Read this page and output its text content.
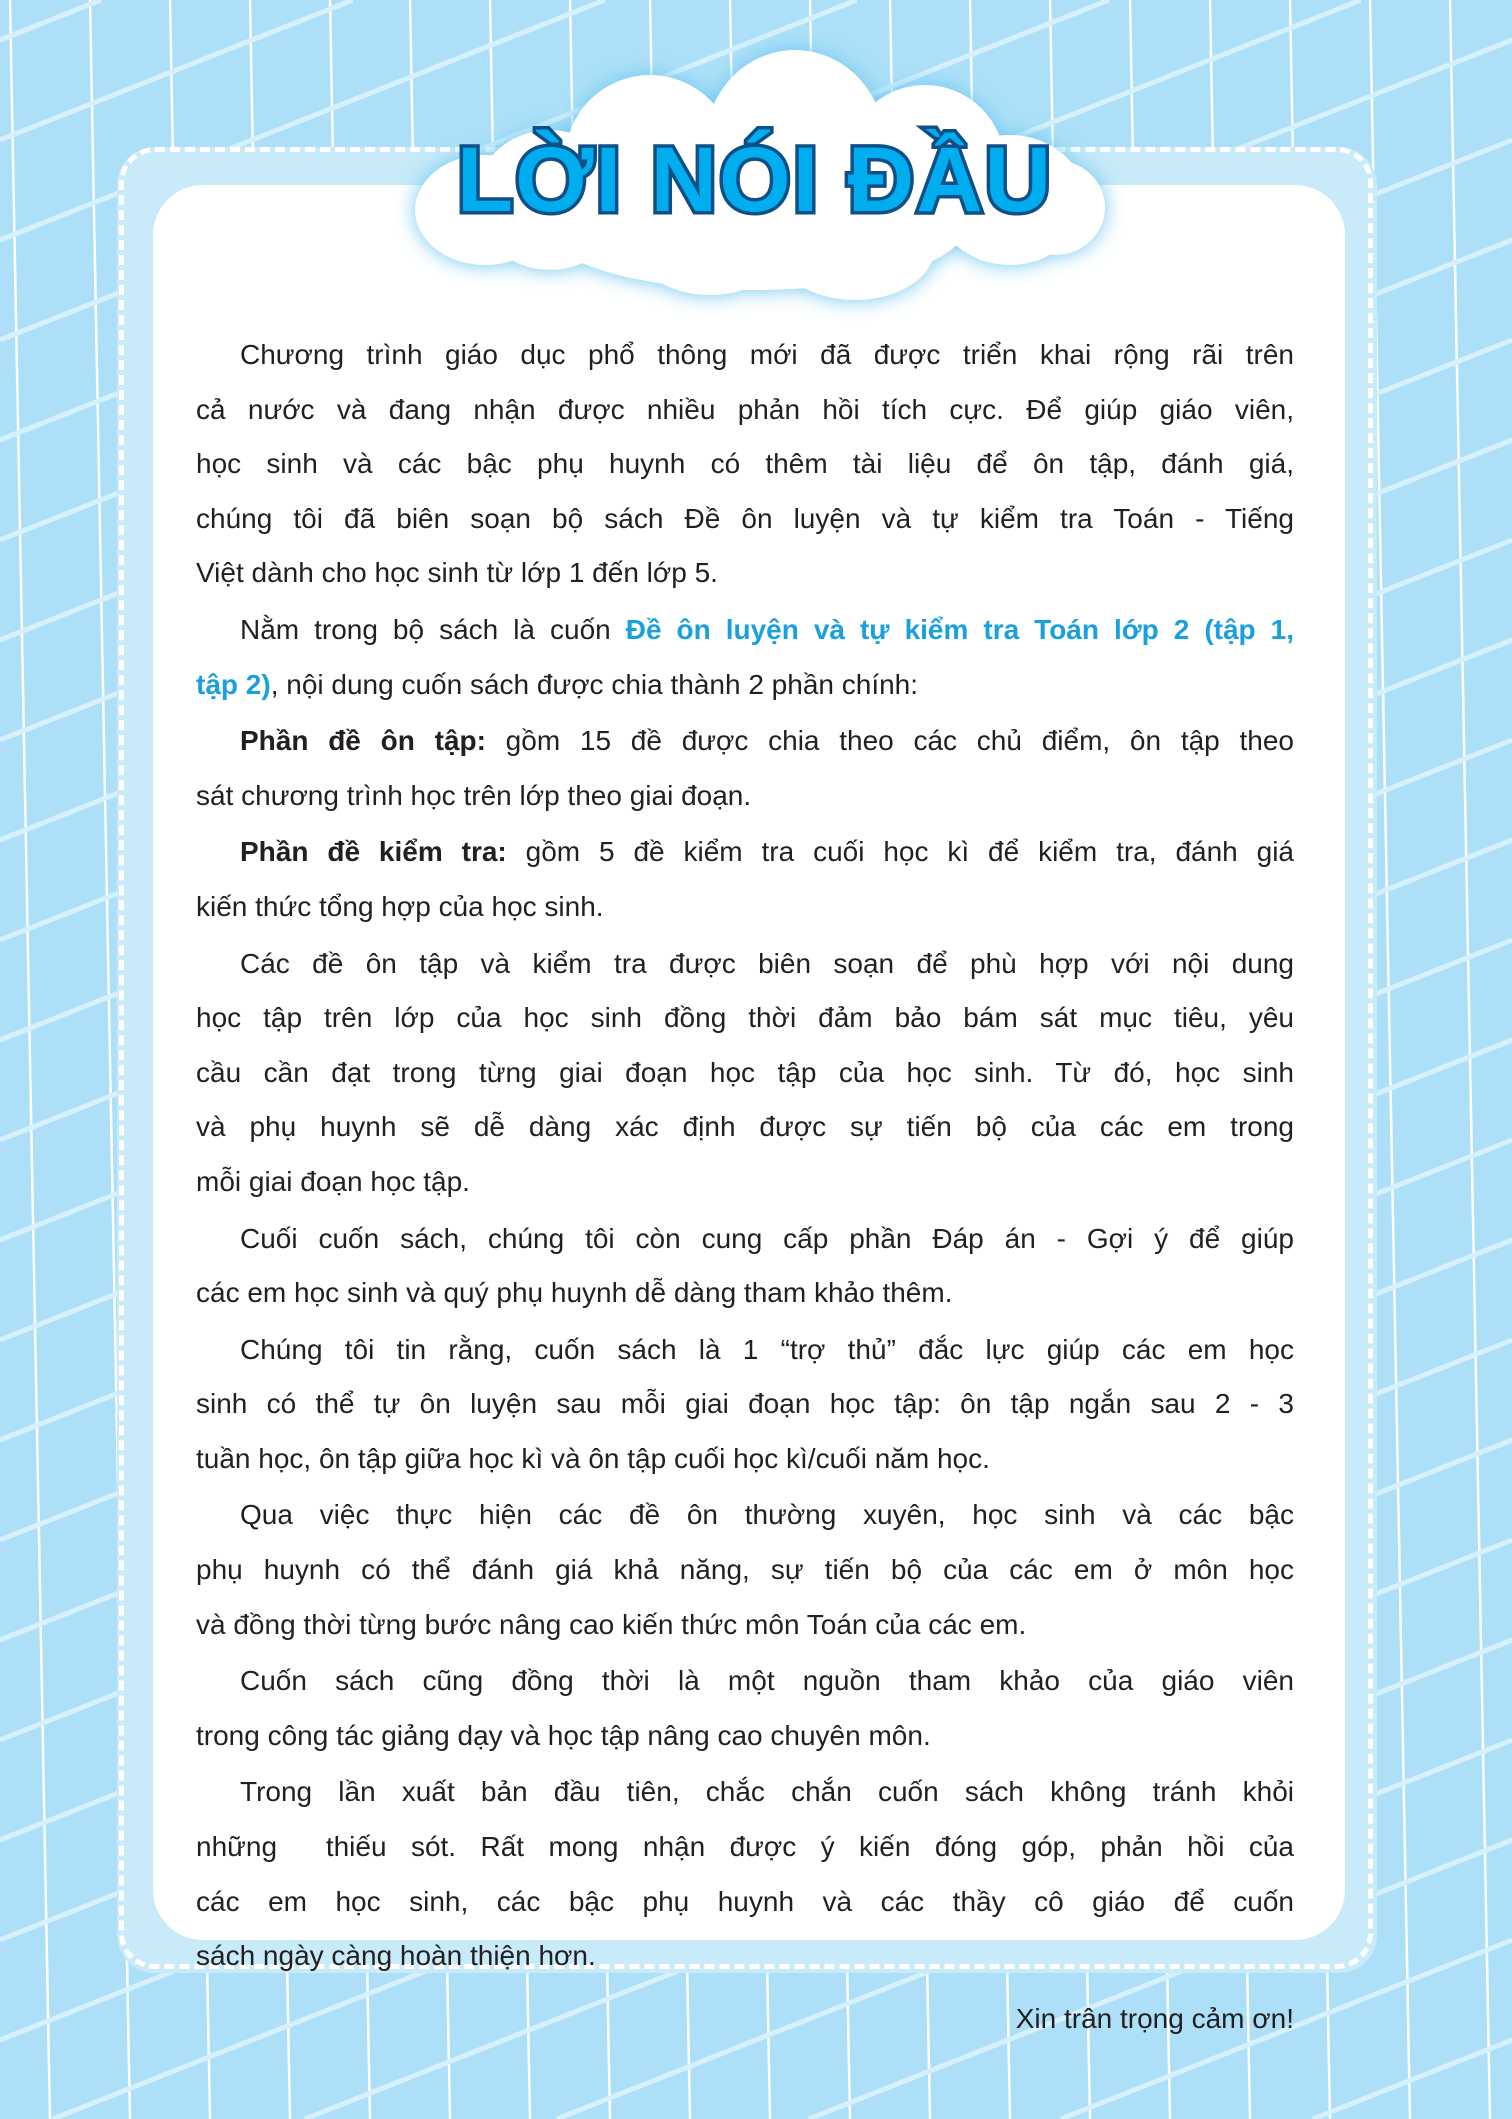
LỜI NÓI ĐẦU
Chương trình giáo dục phổ thông mới đã được triển khai rộng rãi trên
cả nước và đang nhận được nhiều phản hồi tích cực. Để giúp giáo viên,
học sinh và các bậc phụ huynh có thêm tài liệu để ôn tập, đánh giá,
chúng tôi đã biên soạn bộ sách Đề ôn luyện và tự kiểm tra Toán - Tiếng
Việt dành cho học sinh từ lớp 1 đến lớp 5.
Nằm trong bộ sách là cuốn Đề ôn luyện và tự kiểm tra Toán lớp 2 (tập 1,
tập 2), nội dung cuốn sách được chia thành 2 phần chính:
Phần đề ôn tập: gồm 15 đề được chia theo các chủ điểm, ôn tập theo
sát chương trình học trên lớp theo giai đoạn.
Phần đề kiểm tra: gồm 5 đề kiểm tra cuối học kì để kiểm tra, đánh giá
kiến thức tổng hợp của học sinh.
Các đề ôn tập và kiểm tra được biên soạn để phù hợp với nội dung
học tập trên lớp của học sinh đồng thời đảm bảo bám sát mục tiêu, yêu
cầu cần đạt trong từng giai đoạn học tập của học sinh. Từ đó, học sinh
và phụ huynh sẽ dễ dàng xác định được sự tiến bộ của các em trong
mỗi giai đoạn học tập.
Cuối cuốn sách, chúng tôi còn cung cấp phần Đáp án - Gợi ý để giúp
các em học sinh và quý phụ huynh dễ dàng tham khảo thêm.
Chúng tôi tin rằng, cuốn sách là 1 “trợ thủ” đắc lực giúp các em học
sinh có thể tự ôn luyện sau mỗi giai đoạn học tập: ôn tập ngắn sau 2 - 3
tuần học, ôn tập giữa học kì và ôn tập cuối học kì/cuối năm học.
Qua việc thực hiện các đề ôn thường xuyên, học sinh và các bậc
phụ huynh có thể đánh giá khả năng, sự tiến bộ của các em ở môn học
và đồng thời từng bước nâng cao kiến thức môn Toán của các em.
Cuốn sách cũng đồng thời là một nguồn tham khảo của giáo viên
trong công tác giảng dạy và học tập nâng cao chuyên môn.
Trong lần xuất bản đầu tiên, chắc chắn cuốn sách không tránh khỏi
những  thiếu sót. Rất mong nhận được ý kiến đóng góp, phản hồi của
các em học sinh, các bậc phụ huynh và các thầy cô giáo để cuốn
sách ngày càng hoàn thiện hơn.
Xin trân trọng cảm ơn!
